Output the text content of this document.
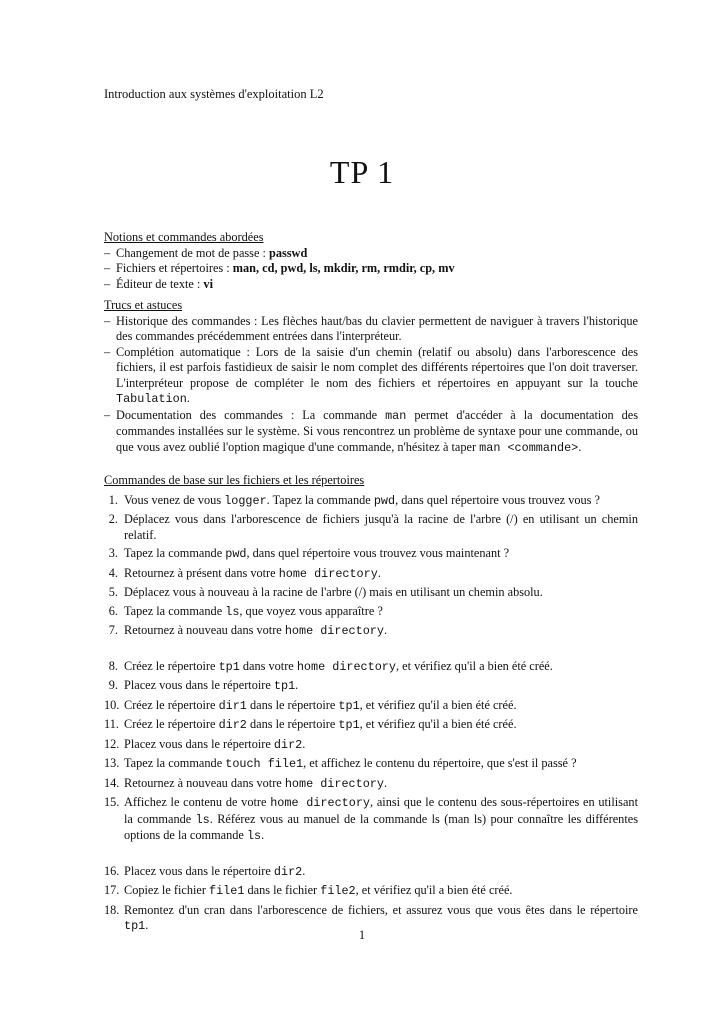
Introduction aux systèmes d'exploitation L2
TP 1
Notions et commandes abordées
– Changement de mot de passe : passwd
– Fichiers et répertoires : man, cd, pwd, ls, mkdir, rm, rmdir, cp, mv
– Éditeur de texte : vi
Trucs et astuces
– Historique des commandes : Les flèches haut/bas du clavier permettent de naviguer à travers l'historique des commandes précédemment entrées dans l'interpréteur.
– Complétion automatique : Lors de la saisie d'un chemin (relatif ou absolu) dans l'arborescence des fichiers, il est parfois fastidieux de saisir le nom complet des différents répertoires que l'on doit traverser. L'interpréteur propose de compléter le nom des fichiers et répertoires en appuyant sur la touche Tabulation.
– Documentation des commandes : La commande man permet d'accéder à la documentation des commandes installées sur le système. Si vous rencontrez un problème de syntaxe pour une commande, ou que vous avez oublié l'option magique d'une commande, n'hésitez à taper man <commande>.
Commandes de base sur les fichiers et les répertoires
1. Vous venez de vous logger. Tapez la commande pwd, dans quel répertoire vous trouvez vous ?
2. Déplacez vous dans l'arborescence de fichiers jusqu'à la racine de l'arbre (/) en utilisant un chemin relatif.
3. Tapez la commande pwd, dans quel répertoire vous trouvez vous maintenant ?
4. Retournez à présent dans votre home directory.
5. Déplacez vous à nouveau à la racine de l'arbre (/) mais en utilisant un chemin absolu.
6. Tapez la commande ls, que voyez vous apparaître ?
7. Retournez à nouveau dans votre home directory.
8. Créez le répertoire tp1 dans votre home directory, et vérifiez qu'il a bien été créé.
9. Placez vous dans le répertoire tp1.
10. Créez le répertoire dir1 dans le répertoire tp1, et vérifiez qu'il a bien été créé.
11. Créez le répertoire dir2 dans le répertoire tp1, et vérifiez qu'il a bien été créé.
12. Placez vous dans le répertoire dir2.
13. Tapez la commande touch file1, et affichez le contenu du répertoire, que s'est il passé ?
14. Retournez à nouveau dans votre home directory.
15. Affichez le contenu de votre home directory, ainsi que le contenu des sous-répertoires en utilisant la commande ls. Référez vous au manuel de la commande ls (man ls) pour connaître les différentes options de la commande ls.
16. Placez vous dans le répertoire dir2.
17. Copiez le fichier file1 dans le fichier file2, et vérifiez qu'il a bien été créé.
18. Remontez d'un cran dans l'arborescence de fichiers, et assurez vous que vous êtes dans le répertoire tp1.
1
